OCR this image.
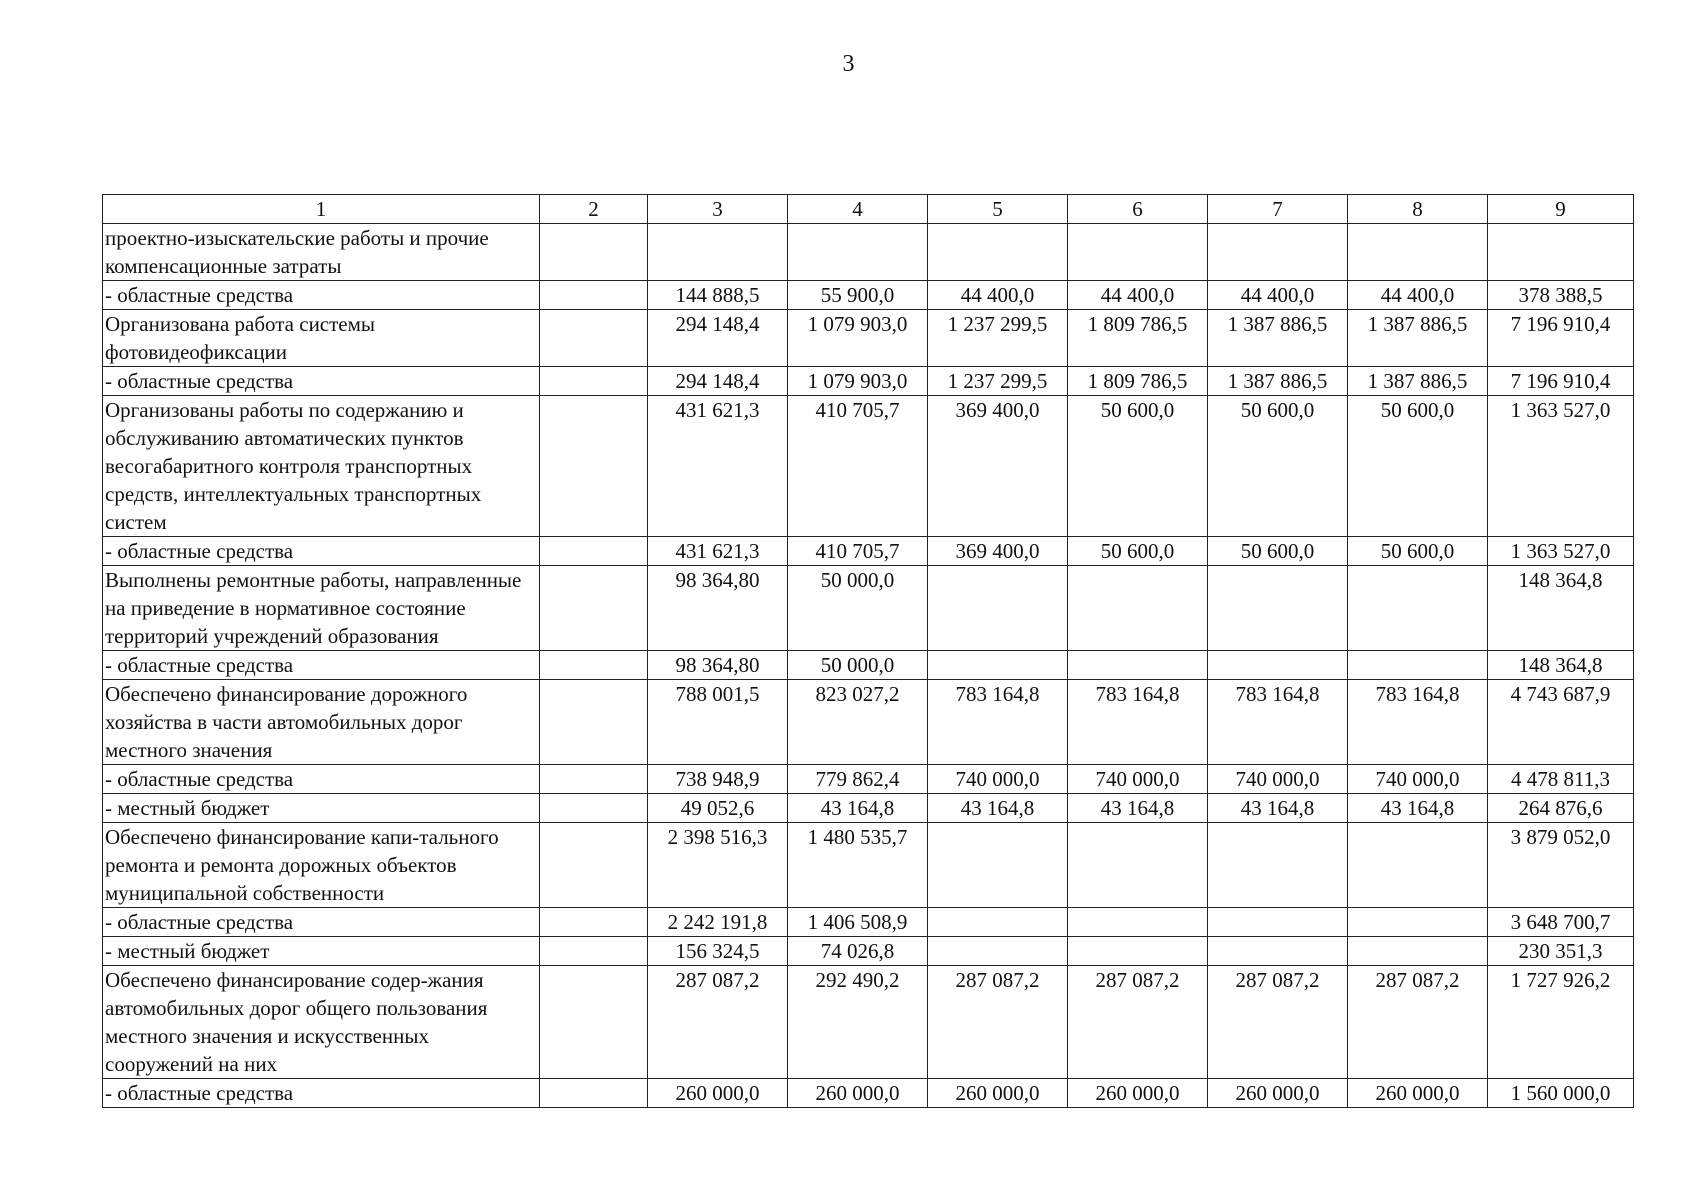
3
1	2	3	4	5	6	7	8	9
проектно-изыскательские работы и прочие компенсационные затраты								
- областные средства		144 888,5	55 900,0	44 400,0	44 400,0	44 400,0	44 400,0	378 388,5
Организована работа системы фотовидеофиксации		294 148,4	1 079 903,0	1 237 299,5	1 809 786,5	1 387 886,5	1 387 886,5	7 196 910,4
- областные средства		294 148,4	1 079 903,0	1 237 299,5	1 809 786,5	1 387 886,5	1 387 886,5	7 196 910,4
Организованы работы по содержанию и обслуживанию автоматических пунктов весогабаритного контроля транспортных средств, интеллектуальных транспортных систем		431 621,3	410 705,7	369 400,0	50 600,0	50 600,0	50 600,0	1 363 527,0
- областные средства		431 621,3	410 705,7	369 400,0	50 600,0	50 600,0	50 600,0	1 363 527,0
Выполнены ремонтные работы, направленные на приведение в нормативное состояние территорий учреждений образования		98 364,80	50 000,0					148 364,8
- областные средства		98 364,80	50 000,0					148 364,8
Обеспечено финансирование дорожного хозяйства в части автомобильных дорог местного значения		788 001,5	823 027,2	783 164,8	783 164,8	783 164,8	783 164,8	4 743 687,9
- областные средства		738 948,9	779 862,4	740 000,0	740 000,0	740 000,0	740 000,0	4 478 811,3
- местный бюджет		49 052,6	43 164,8	43 164,8	43 164,8	43 164,8	43 164,8	264 876,6
Обеспечено финансирование капи-тального ремонта и ремонта дорожных объектов муниципальной собственности		2 398 516,3	1 480 535,7					3 879 052,0
- областные средства		2 242 191,8	1 406 508,9					3 648 700,7
- местный бюджет		156 324,5	74 026,8					230 351,3
Обеспечено финансирование содер-жания автомобильных дорог общего пользования местного значения и искусственных сооружений на них		287 087,2	292 490,2	287 087,2	287 087,2	287 087,2	287 087,2	1 727 926,2
- областные средства		260 000,0	260 000,0	260 000,0	260 000,0	260 000,0	260 000,0	1 560 000,0
